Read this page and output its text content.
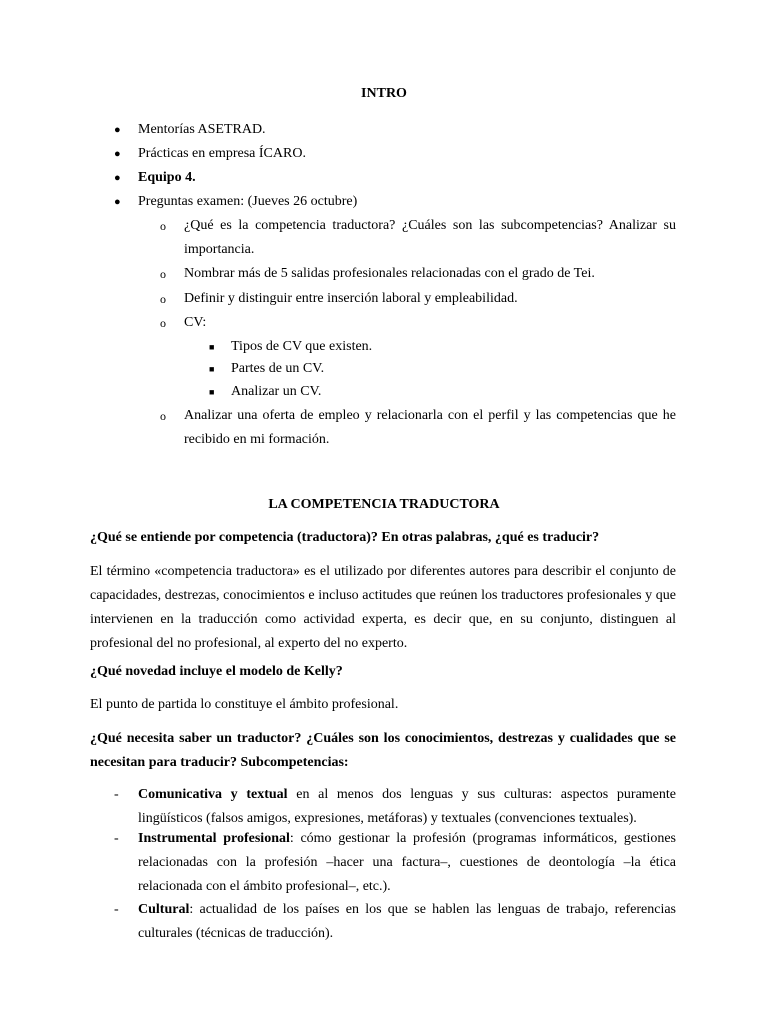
INTRO
● Mentorías ASETRAD.
● Prácticas en empresa ÍCARO.
● Equipo 4.
● Preguntas examen: (Jueves 26 octubre)
o ¿Qué es la competencia traductora? ¿Cuáles son las subcompetencias? Analizar su importancia.
o Nombrar más de 5 salidas profesionales relacionadas con el grado de Tei.
o Definir y distinguir entre inserción laboral y empleabilidad.
o CV:
■ Tipos de CV que existen.
■ Partes de un CV.
■ Analizar un CV.
o Analizar una oferta de empleo y relacionarla con el perfil y las competencias que he recibido en mi formación.
LA COMPETENCIA TRADUCTORA
¿Qué se entiende por competencia (traductora)? En otras palabras, ¿qué es traducir?
El término «competencia traductora» es el utilizado por diferentes autores para describir el conjunto de capacidades, destrezas, conocimientos e incluso actitudes que reúnen los traductores profesionales y que intervienen en la traducción como actividad experta, es decir que, en su conjunto, distinguen al profesional del no profesional, al experto del no experto.
¿Qué novedad incluye el modelo de Kelly?
El punto de partida lo constituye el ámbito profesional.
¿Qué necesita saber un traductor? ¿Cuáles son los conocimientos, destrezas y cualidades que se necesitan para traducir? Subcompetencias:
- Comunicativa y textual en al menos dos lenguas y sus culturas: aspectos puramente lingüísticos (falsos amigos, expresiones, metáforas) y textuales (convenciones textuales).
- Instrumental profesional: cómo gestionar la profesión (programas informáticos, gestiones relacionadas con la profesión –hacer una factura–, cuestiones de deontología –la ética relacionada con el ámbito profesional–, etc.).
- Cultural: actualidad de los países en los que se hablen las lenguas de trabajo, referencias culturales (técnicas de traducción).
